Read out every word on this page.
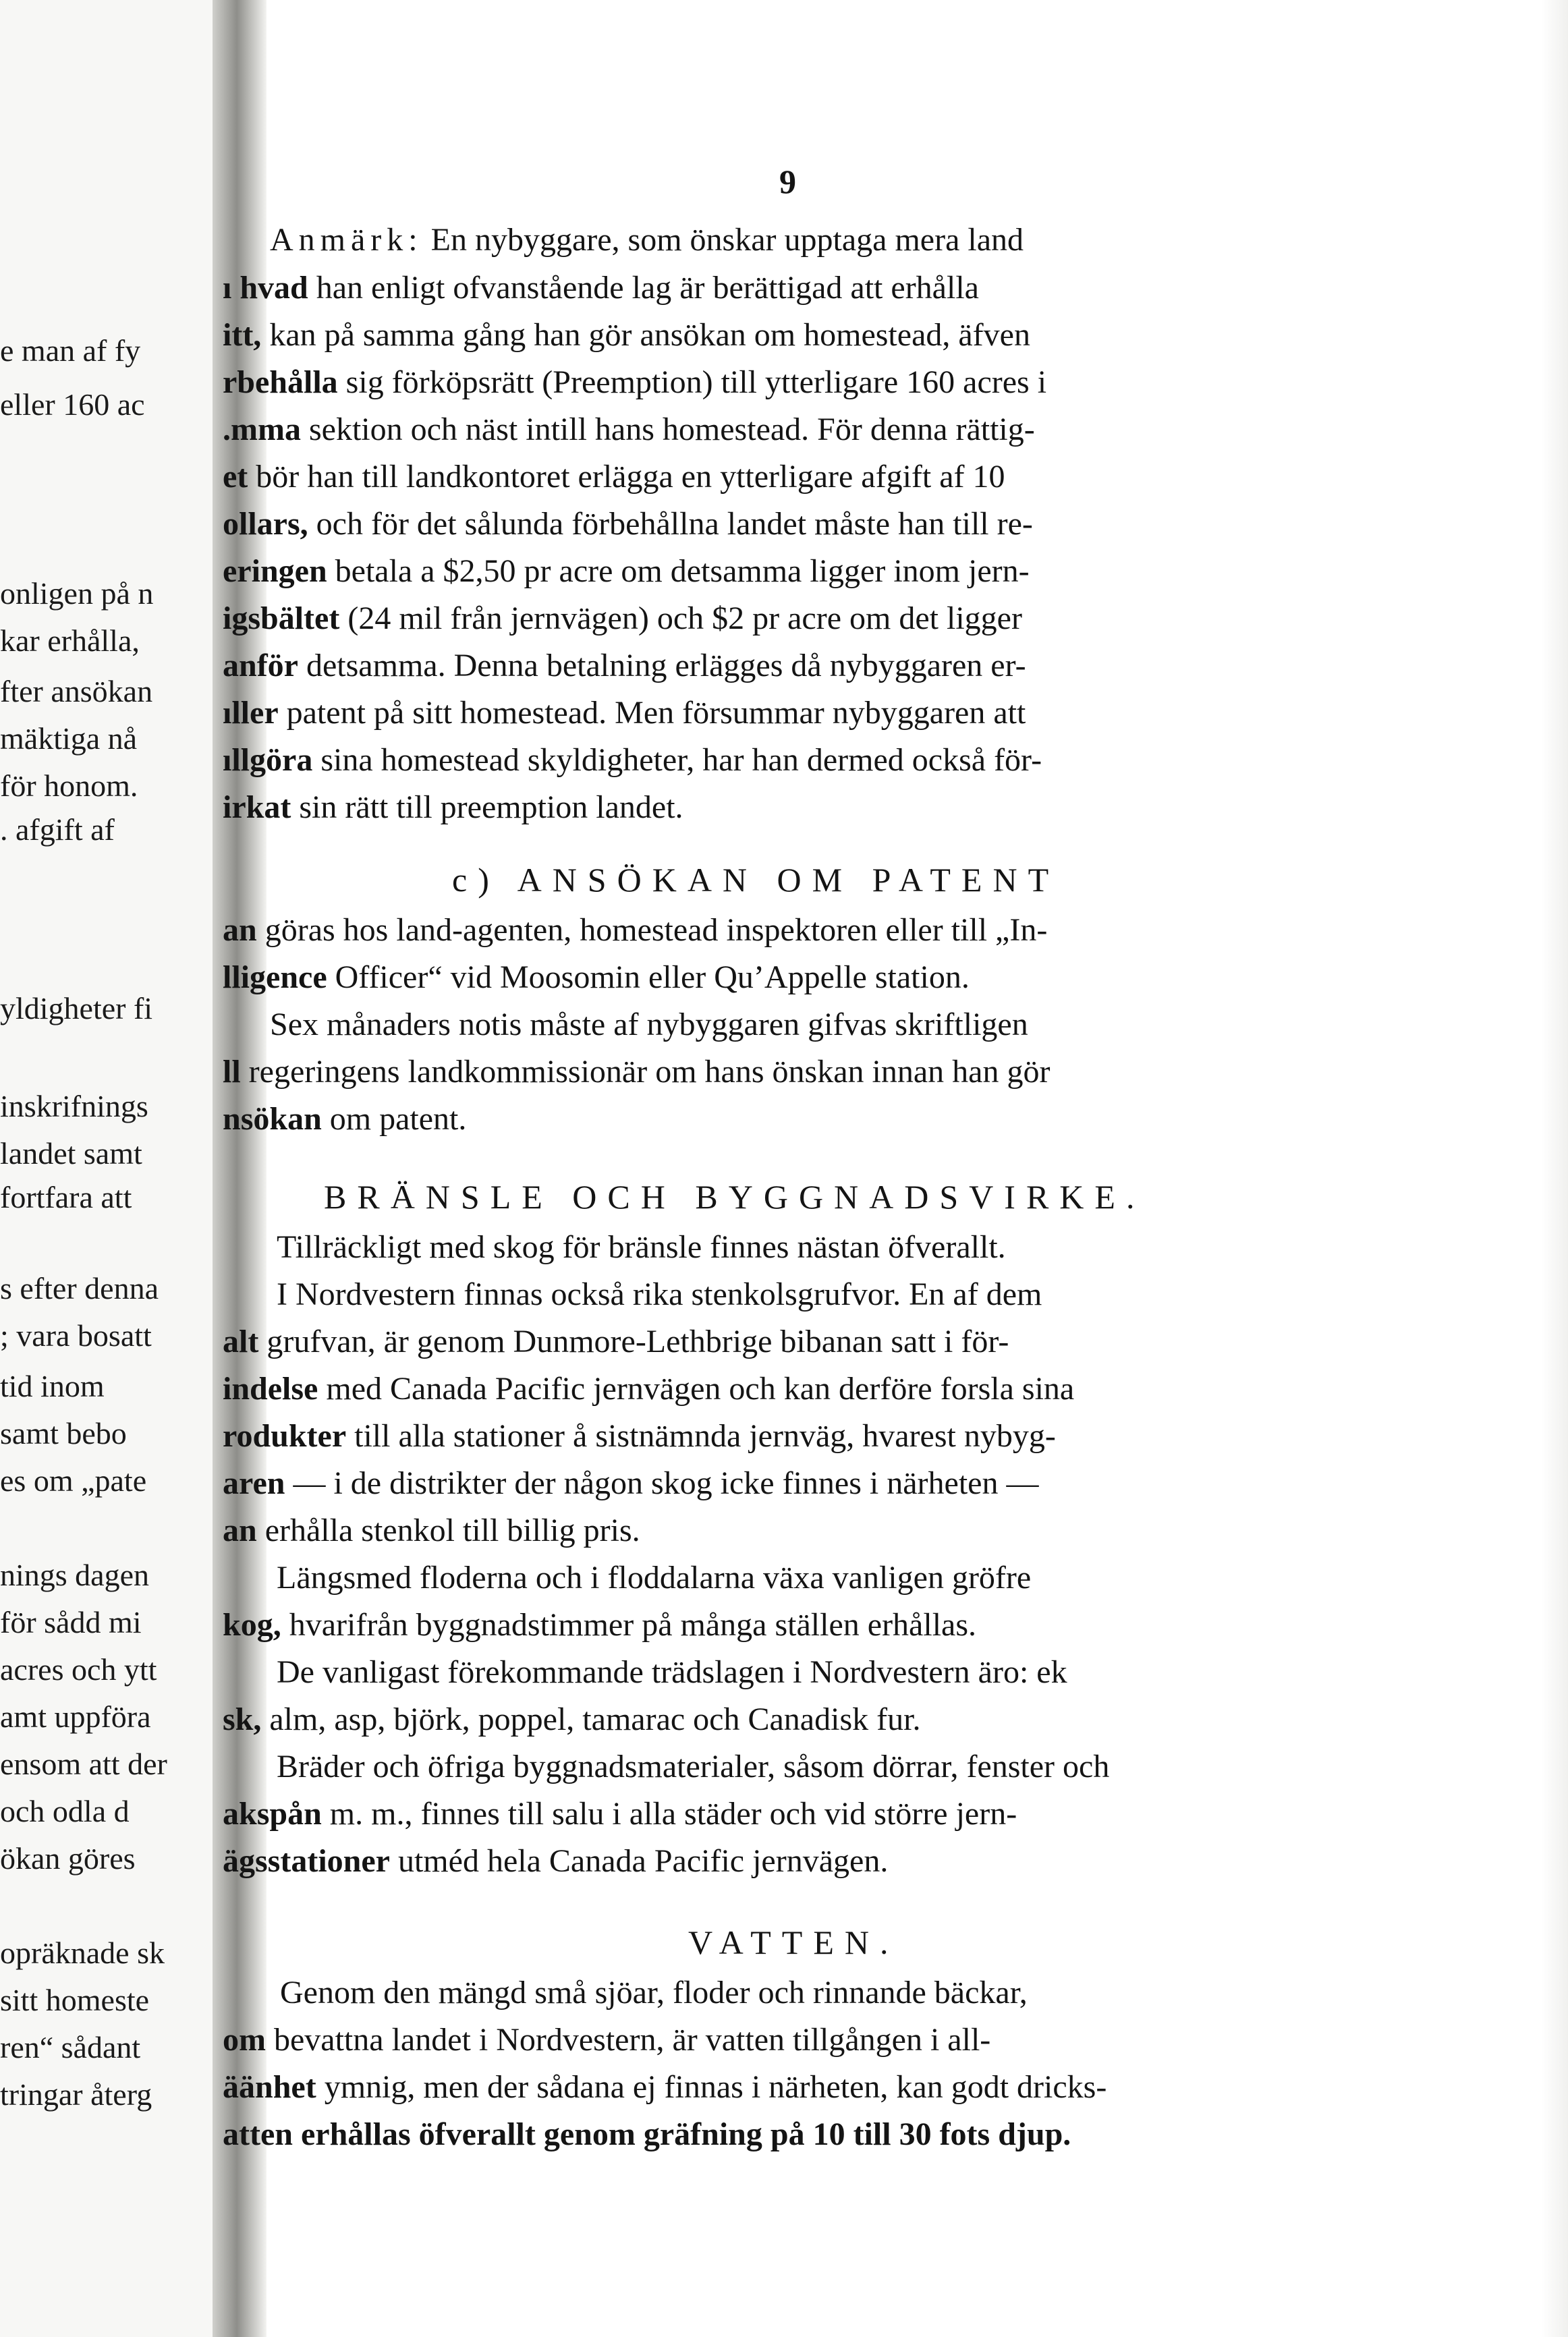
e man af fy
eller 160 ac
onligen på n
kar erhålla,
fter ansökan
mäktiga nå
för honom.
. afgift af
yldigheter fi
inskrifnings
landet samt
fortfara att
s efter denna
; vara bosatt
tid inom
samt bebo
es om „pate
nings dagen
för sådd mi
acres och ytt
amt uppföra
ensom att der
och odla d
ökan göres
opräknade sk
sitt homeste
ren“ sådant
tringar återg
9
Anmärk: En nybyggare, som önskar upptaga mera land
ı hvad han enligt ofvanstående lag är berättigad att erhålla
itt, kan på samma gång han gör ansökan om homestead, äfven
rbehålla sig förköpsrätt (Preemption) till ytterligare 160 acres i
.mma sektion och näst intill hans homestead. För denna rättig-
et bör han till landkontoret erlägga en ytterligare afgift af 10
ollars, och för det sålunda förbehållna landet måste han till re-
eringen betala a $2,50 pr acre om detsamma ligger inom jern-
igsbältet (24 mil från jernvägen) och $2 pr acre om det ligger
anför detsamma. Denna betalning erlägges då nybyggaren er-
ıller patent på sitt homestead. Men försummar nybyggaren att
ıllgöra sina homestead skyldigheter, har han dermed också för-
irkat sin rätt till preemption landet.
c) ANSÖKAN OM PATENT
an göras hos land-agenten, homestead inspektoren eller till „In-
lligence Officer“ vid Moosomin eller Qu’Appelle station.
Sex månaders notis måste af nybyggaren gifvas skriftligen
ll regeringens landkommissionär om hans önskan innan han gör
nsökan om patent.
BRÄNSLE OCH BYGGNADSVIRKE.
Tillräckligt med skog för bränsle finnes nästan öfverallt.
I Nordvestern finnas också rika stenkolsgrufvor. En af dem
alt grufvan, är genom Dunmore-Lethbrige bibanan satt i för-
indelse med Canada Pacific jernvägen och kan derföre forsla sina
rodukter till alla stationer å sistnämnda jernväg, hvarest nybyg-
aren — i de distrikter der någon skog icke finnes i närheten —
an erhålla stenkol till billig pris.
Längsmed floderna och i floddalarna växa vanligen gröfre
kog, hvarifrån byggnadstimmer på många ställen erhållas.
De vanligast förekommande trädslagen i Nordvestern äro: ek
sk, alm, asp, björk, poppel, tamarac och Canadisk fur.
Bräder och öfriga byggnadsmaterialer, såsom dörrar, fenster och
akspån m. m., finnes till salu i alla städer och vid större jern-
ägsstationer utméd hela Canada Pacific jernvägen.
VATTEN.
Genom den mängd små sjöar, floder och rinnande bäckar,
om bevattna landet i Nordvestern, är vatten tillgången i all-
äänhet ymnig, men der sådana ej finnas i närheten, kan godt dricks-
atten erhållas öfverallt genom gräfning på 10 till 30 fots djup.
